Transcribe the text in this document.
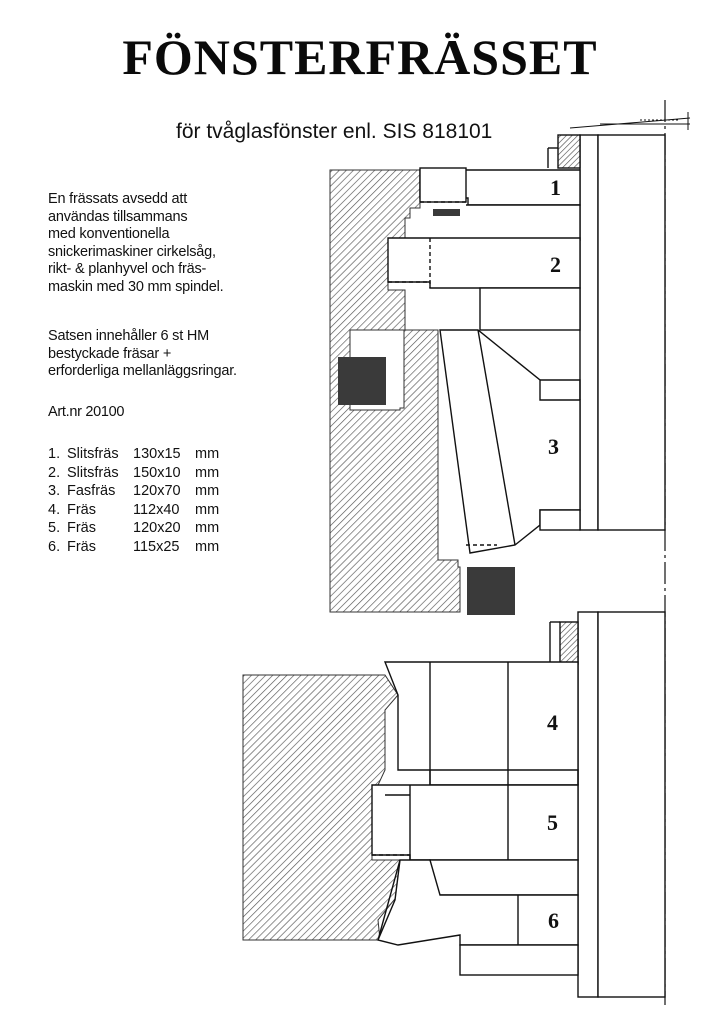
FÖNSTERFRÄSSET
för tvåglasfönster enl. SIS 818101
En frässats avsedd att
användas tillsammans
med konventionella
snickerimaskiner cirkelsåg,
rikt- & planhyvel och fräs-
maskin med 30 mm spindel.
Satsen innehåller 6 st HM
bestyckade fräsar +
erforderliga mellanläggsringar.
Art.nr 20100
1. Slitsfräs 130x15 mm
2. Slitsfräs 150x10 mm
3. Fasfräs	120x70 mm
4. Fräs	112x40	mm
5. Fräs	120x20 mm
6. Fräs	115x25	mm
1
2
3
4
5
6
